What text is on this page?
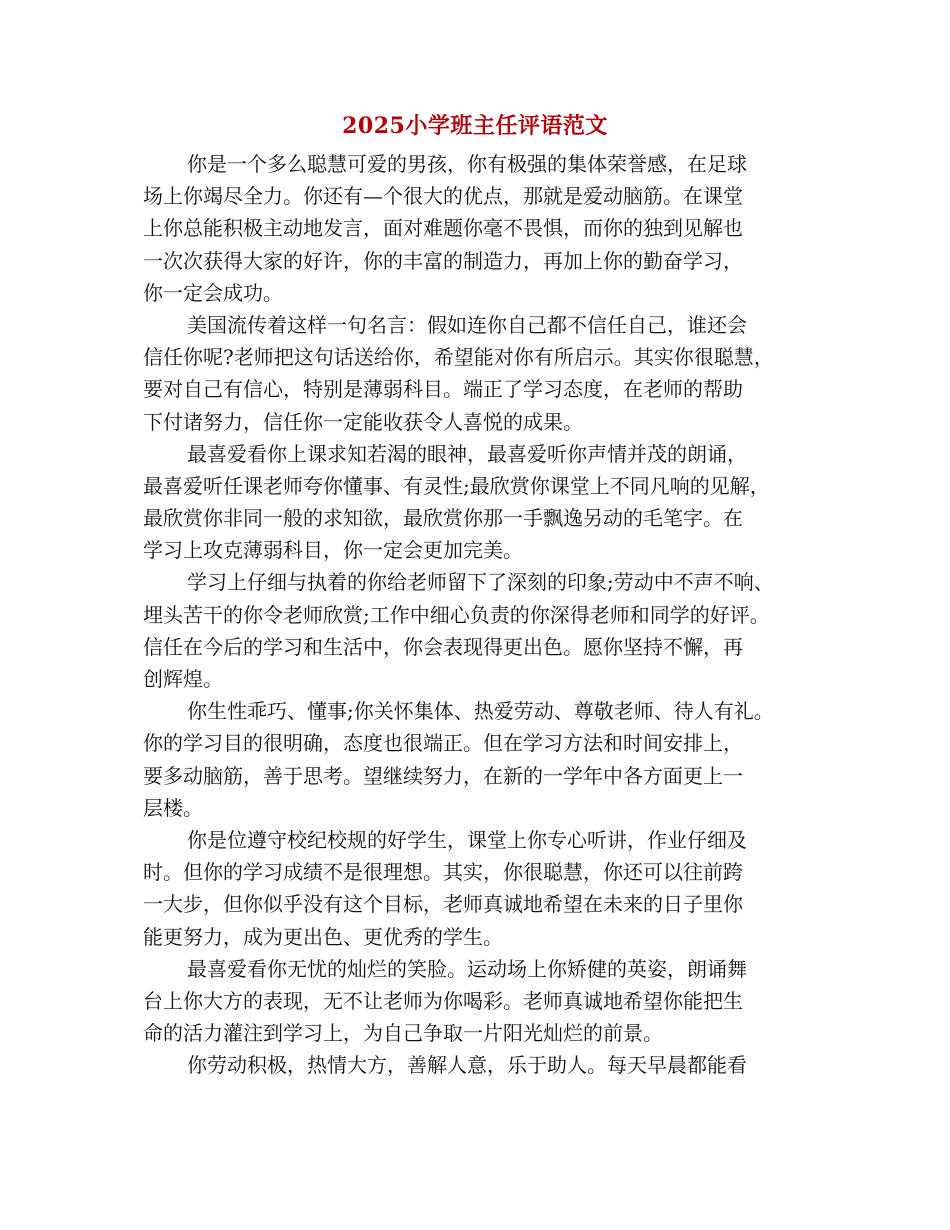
2025小学班主任评语范文
你是一个多么聪慧可爱的男孩，你有极强的集体荣誉感，在足球
场上你竭尽全力。你还有—个很大的优点，那就是爱动脑筋。在课堂
上你总能积极主动地发言，面对难题你毫不畏惧，而你的独到见解也
一次次获得大家的好许，你的丰富的制造力，再加上你的勤奋学习，
你一定会成功。
美国流传着这样一句名言：假如连你自己都不信任自己，谁还会
信任你呢?老师把这句话送给你，希望能对你有所启示。其实你很聪慧，
要对自己有信心，特别是薄弱科目。端正了学习态度，在老师的帮助
下付诸努力，信任你一定能收获令人喜悦的成果。
最喜爱看你上课求知若渴的眼神，最喜爱听你声情并茂的朗诵，
最喜爱听任课老师夸你懂事、有灵性;最欣赏你课堂上不同凡响的见解，
最欣赏你非同一般的求知欲，最欣赏你那一手飘逸另动的毛笔字。在
学习上攻克薄弱科目，你一定会更加完美。
学习上仔细与执着的你给老师留下了深刻的印象;劳动中不声不响、
埋头苦干的你令老师欣赏;工作中细心负责的你深得老师和同学的好评。
信任在今后的学习和生活中，你会表现得更出色。愿你坚持不懈，再
创辉煌。
你生性乖巧、懂事;你关怀集体、热爱劳动、尊敬老师、待人有礼。
你的学习目的很明确，态度也很端正。但在学习方法和时间安排上，
要多动脑筋，善于思考。望继续努力，在新的一学年中各方面更上一
层楼。
你是位遵守校纪校规的好学生，课堂上你专心听讲，作业仔细及
时。但你的学习成绩不是很理想。其实，你很聪慧，你还可以往前跨
一大步，但你似乎没有这个目标，老师真诚地希望在未来的日子里你
能更努力，成为更出色、更优秀的学生。
最喜爱看你无忧的灿烂的笑脸。运动场上你矫健的英姿，朗诵舞
台上你大方的表现，无不让老师为你喝彩。老师真诚地希望你能把生
命的活力灌注到学习上，为自己争取一片阳光灿烂的前景。
你劳动积极，热情大方，善解人意，乐于助人。每天早晨都能看
